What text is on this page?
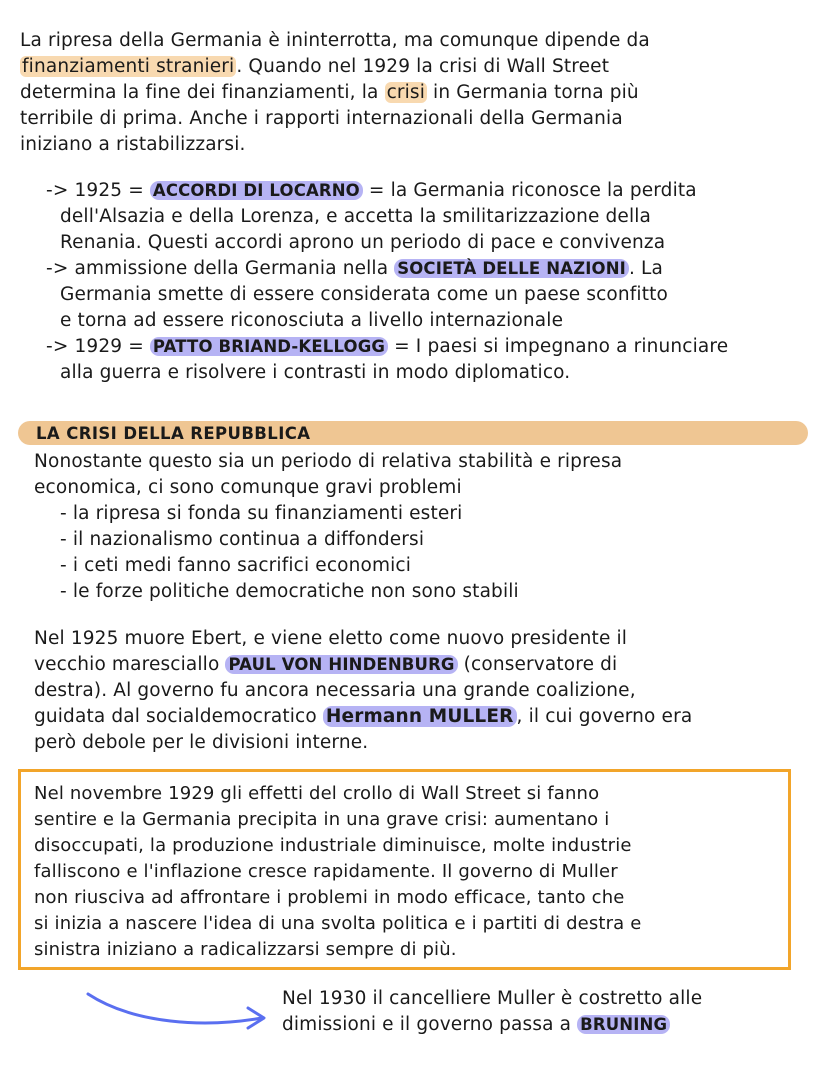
La ripresa della Germania è ininterrotta, ma comunque dipende da
finanziamenti stranieri . Quando nel 1929 la crisi di Wall Street
determina la fine dei finanziamenti, la crisi in Germania torna più
terribile di prima. Anche i rapporti internazionali della Germania
iniziano a ristabilizzarsi.
-> 1925 = ACCORDI DI LOCARNO = la Germania riconosce la perdita
dell'Alsazia e della Lorenza, e accetta la smilitarizzazione della
Renania. Questi accordi aprono un periodo di pace e convivenza
-> ammissione della Germania nella SOCIETÀ DELLE NAZIONI . La
Germania smette di essere considerata come un paese sconfitto
e torna ad essere riconosciuta a livello internazionale
-> 1929 = PATTO BRIAND-KELLOGG = I paesi si impegnano a rinunciare
alla guerra e risolvere i contrasti in modo diplomatico.
LA CRISI DELLA REPUBBLICA
Nonostante questo sia un periodo di relativa stabilità e ripresa
economica, ci sono comunque gravi problemi
- la ripresa si fonda su finanziamenti esteri
- il nazionalismo continua a diffondersi
- i ceti medi fanno sacrifici economici
- le forze politiche democratiche non sono stabili
Nel 1925 muore Ebert, e viene eletto come nuovo presidente il
vecchio maresciallo PAUL VON HINDENBURG (conservatore di
destra). Al governo fu ancora necessaria una grande coalizione,
guidata dal socialdemocratico Hermann MULLER , il cui governo era
però debole per le divisioni interne.
Nel novembre 1929 gli effetti del crollo di Wall Street si fanno
sentire e la Germania precipita in una grave crisi: aumentano i
disoccupati, la produzione industriale diminuisce, molte industrie
falliscono e l'inflazione cresce rapidamente. Il governo di Muller
non riusciva ad affrontare i problemi in modo efficace, tanto che
si inizia a nascere l'idea di una svolta politica e i partiti di destra e
sinistra iniziano a radicalizzarsi sempre di più.
Nel 1930 il cancelliere Muller è costretto alle
dimissioni e il governo passa a BRUNING
